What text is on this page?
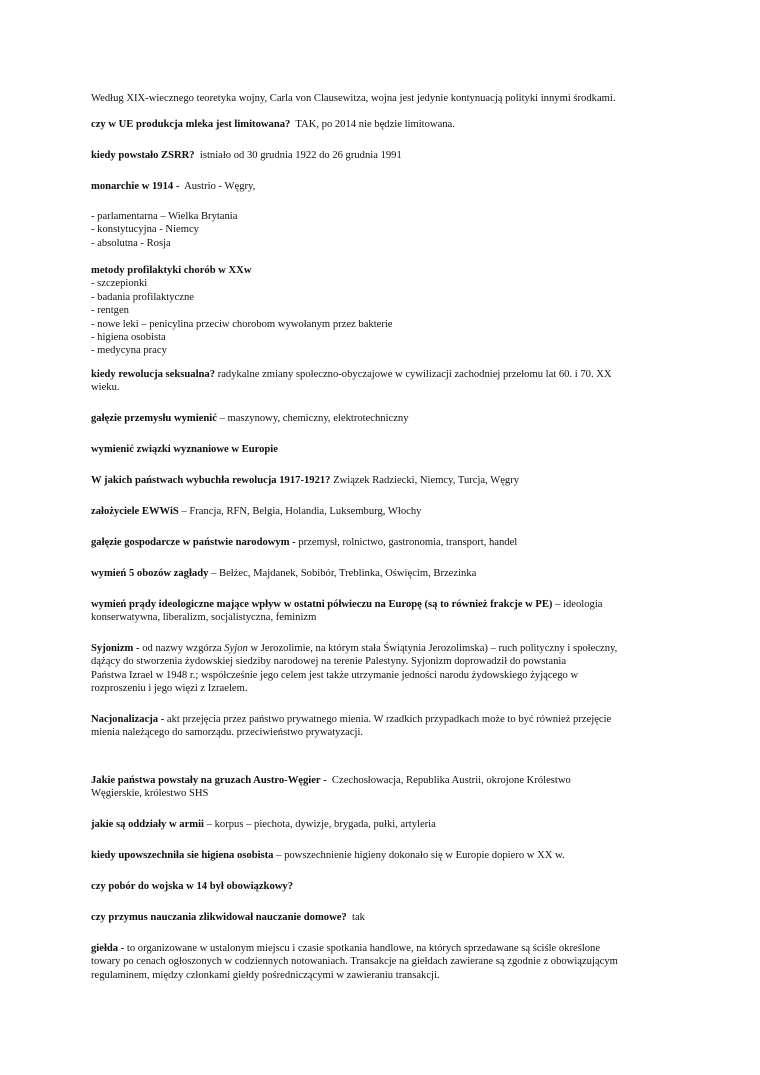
Według XIX-wiecznego teoretyka wojny, Carla von Clausewitza, wojna jest jedynie kontynuacją polityki innymi środkami.

czy w UE produkcja mleka jest limitowana? TAK, po 2014 nie będzie limitowana.

kiedy powstało ZSRR? istniało od 30 grudnia 1922 do 26 grudnia 1991

monarchie w 1914 - Austrio - Węgry,

- parlamentarna – Wielka Brytania
- konstytucyjna - Niemcy
- absolutna - Rosja

metody profilaktyki chorób w XXw
- szczepionki
- badania profilaktyczne
- rentgen
- nowe leki – penicylina przeciw chorobom wywołanym przez bakterie
- higiena osobista
- medycyna pracy

kiedy rewolucja seksualna? radykalne zmiany społeczno-obyczajowe w cywilizacji zachodniej przełomu lat 60. i 70. XX
wieku.

gałęzie przemysłu wymienić – maszynowy, chemiczny, elektrotechniczny

wymienić związki wyznaniowe w Europie

W jakich państwach wybuchła rewolucja 1917-1921? Związek Radziecki, Niemcy, Turcja, Węgry

założyciele EWWiS – Francja, RFN, Belgia, Holandia, Luksemburg, Włochy

gałęzie gospodarcze w państwie narodowym - przemysł, rolnictwo, gastronomia, transport, handel

wymień 5 obozów zagłady – Bełżec, Majdanek, Sobibór, Treblinka, Oświęcim, Brzezinka

wymień prądy ideologiczne mające wpływ w ostatni półwieczu na Europę (są to również frakcje w PE) – ideologia
konserwatywna, liberalizm, socjalistyczna, feminizm

Syjonizm - od nazwy wzgórza Syjon w Jerozolimie, na którym stała Świątynia Jerozolimska) – ruch polityczny i społeczny,
dążący do stworzenia żydowskiej siedziby narodowej na terenie Palestyny. Syjonizm doprowadził do powstania
Państwa Izrael w 1948 r.; współcześnie jego celem jest także utrzymanie jedności narodu żydowskiego żyjącego w
rozproszeniu i jego więzi z Izraelem.

Nacjonalizacja - akt przejęcia przez państwo prywatnego mienia. W rzadkich przypadkach może to być również przejęcie
mienia należącego do samorządu. przeciwieństwo prywatyzacji.

Jakie państwa powstały na gruzach Austro-Węgier - Czechosłowacja, Republika Austrii, okrojone Królestwo
Węgierskie, królestwo SHS

jakie są oddziały w armii – korpus – piechota, dywizje, brygada, pułki, artyleria

kiedy upowszechniła sie higiena osobista – powszechnienie higieny dokonało się w Europie dopiero w XX w.

czy pobór do wojska w 14 był obowiązkowy?

czy przymus nauczania zlikwidował nauczanie domowe? tak

giełda - to organizowane w ustalonym miejscu i czasie spotkania handlowe, na których sprzedawane są ściśle określone
towary po cenach ogłoszonych w codziennych notowaniach. Transakcje na giełdach zawierane są zgodnie z obowiązującym
regulaminem, między członkami giełdy pośredniczącymi w zawieraniu transakcji.
